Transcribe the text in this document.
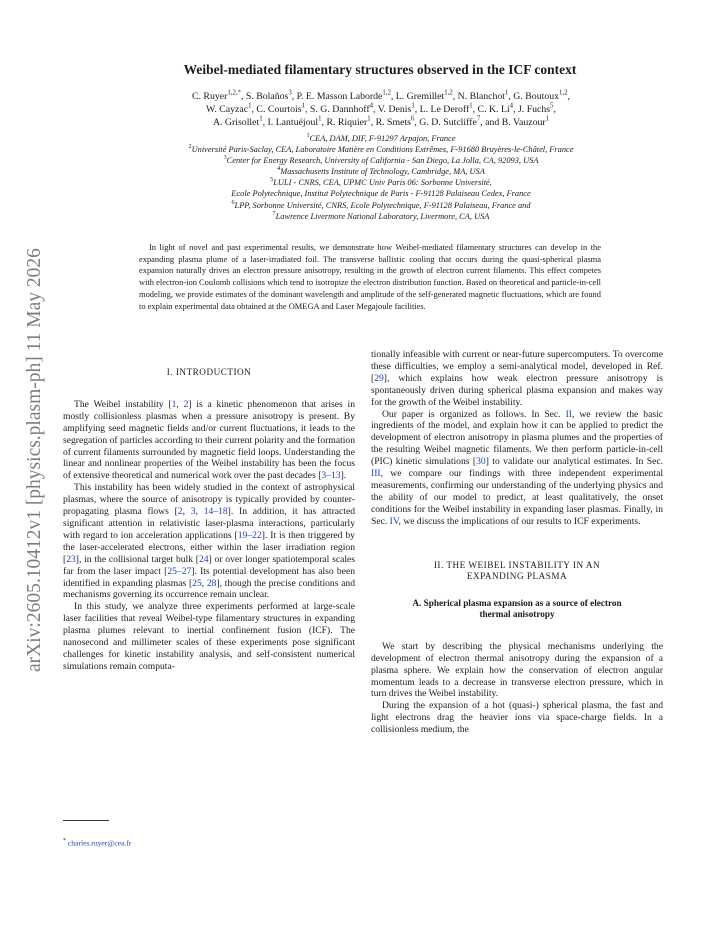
arXiv:2605.10412v1 [physics.plasm-ph] 11 May 2026
Weibel-mediated filamentary structures observed in the ICF context
C. Ruyer$^{1,2,*}$, S. Bolaños$^3$, P. E. Masson Laborde$^{1,2}$, L. Gremillet$^{1,2}$, N. Blanchot$^1$, G. Boutoux$^{1,2}$,
W. Cayzac$^1$, C. Courtois$^1$, S. G. Dannhoff$^4$, V. Denis$^1$, L. Le Deroff$^1$, C. K. Li$^4$, J. Fuchs$^5$,
A. Grisollet$^1$, I. Lantuéjoul$^1$, R. Riquier$^1$, R. Smets$^6$, G. D. Sutcliffe$^7$, and B. Vauzour$^1$
$^1$CEA, DAM, DIF, F-91297 Arpajon, France
$^2$Université Paris-Saclay, CEA, Laboratoire Matière en Conditions Extrêmes, F-91680 Bruyères-le-Châtel, France
$^3$Center for Energy Research, University of California - San Diego, La Jolla, CA, 92093, USA
$^4$Massachusetts Institute of Technology, Cambridge, MA, USA
$^5$LULI - CNRS, CEA, UPMC Univ Paris 06: Sorbonne Université,
Ecole Polytechnique, Institut Polytechnique de Paris - F-91128 Palaiseau Cedex, France
$^6$LPP, Sorbonne Université, CNRS, Ecole Polytechnique, F-91128 Palaiseau, France and
$^7$Lawrence Livermore National Laboratory, Livermore, CA, USA
In light of novel and past experimental results, we demonstrate how Weibel-mediated filamentary structures can develop in the expanding plasma plume of a laser-irradiated foil. The transverse ballistic cooling that occurs during the quasi-spherical plasma expansion naturally drives an electron pressure anisotropy, resulting in the growth of electron current filaments. This effect competes with electron-ion Coulomb collisions which tend to isotropize the electron distribution function. Based on theoretical and particle-in-cell modeling, we provide estimates of the dominant wavelength and amplitude of the self-generated magnetic fluctuations, which are found to explain experimental data obtained at the OMEGA and Laser Megajoule facilities.
I. INTRODUCTION

The Weibel instability [1, 2] is a kinetic phenomenon that arises in mostly collisionless plasmas when a pressure anisotropy is present. By amplifying seed magnetic fields and/or current fluctuations, it leads to the segregation of particles according to their current polarity and the formation of current filaments surrounded by magnetic field loops. Understanding the linear and nonlinear properties of the Weibel instability has been the focus of extensive theoretical and numerical work over the past decades [3–13].

This instability has been widely studied in the context of astrophysical plasmas, where the source of anisotropy is typically provided by counter-propagating plasma flows [2, 3, 14–18]. In addition, it has attracted significant attention in relativistic laser-plasma interactions, particularly with regard to ion acceleration applications [19–22]. It is then triggered by the laser-accelerated electrons, either within the laser irradiation region [23], in the collisional target bulk [24] or over longer spatiotemporal scales far from the laser impact [25–27]. Its potential development has also been identified in expanding plasmas [25, 28], though the precise conditions and mechanisms governing its occurrence remain unclear.

In this study, we analyze three experiments performed at large-scale laser facilities that reveal Weibel-type filamentary structures in expanding plasma plumes relevant to inertial confinement fusion (ICF). The nanosecond and millimeter scales of these experiments pose significant challenges for kinetic instability analysis, and self-consistent numerical simulations remain computa-

tionally infeasible with current or near-future supercomputers. To overcome these difficulties, we employ a semi-analytical model, developed in Ref. [29], which explains how weak electron pressure anisotropy is spontaneously driven during spherical plasma expansion and makes way for the growth of the Weibel instability.

Our paper is organized as follows. In Sec. II, we review the basic ingredients of the model, and explain how it can be applied to predict the development of electron anisotropy in plasma plumes and the properties of the resulting Weibel magnetic filaments. We then perform particle-in-cell (PIC) kinetic simulations [30] to validate our analytical estimates. In Sec. III, we compare our findings with three independent experimental measurements, confirming our understanding of the underlying physics and the ability of our model to predict, at least qualitatively, the onset conditions for the Weibel instability in expanding laser plasmas. Finally, in Sec. IV, we discuss the implications of our results to ICF experiments.

II. THE WEIBEL INSTABILITY IN AN EXPANDING PLASMA
A. Spherical plasma expansion as a source of electron thermal anisotropy

We start by describing the physical mechanisms underlying the development of electron thermal anisotropy during the expansion of a plasma sphere. We explain how the conservation of electron angular momentum leads to a decrease in transverse electron pressure, which in turn drives the Weibel instability.

During the expansion of a hot (quasi-) spherical plasma, the fast and light electrons drag the heavier ions via space-charge fields. In a collisionless medium, the

* charles.ruyer@cea.fr
